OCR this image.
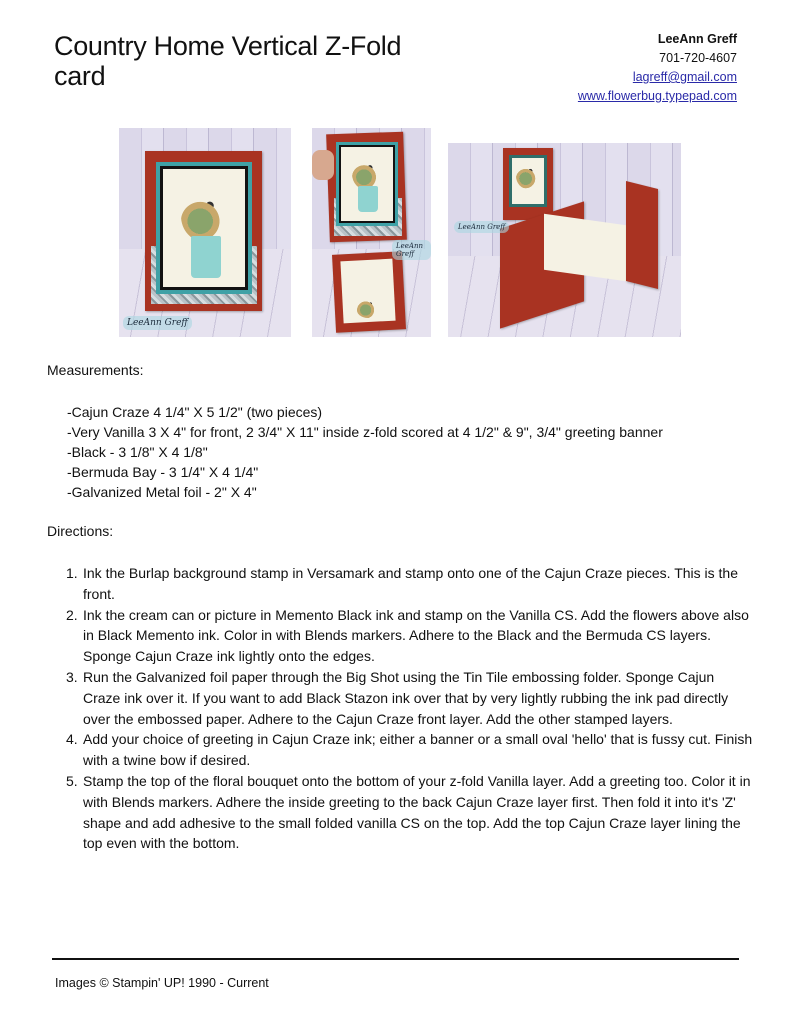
Country Home Vertical Z-Fold card
LeeAnn Greff
701-720-4607
lagreff@gmail.com
www.flowerbug.typepad.com
LeeAnn Greff
LeeAnn Greff
LeeAnn Greff
Measurements:
-Cajun Craze 4 1/4" X 5 1/2" (two pieces)
-Very Vanilla 3 X 4" for front, 2 3/4" X 11" inside z-fold scored at 4 1/2" & 9", 3/4" greeting banner
-Black - 3 1/8" X 4 1/8"
-Bermuda Bay - 3 1/4" X 4 1/4"
-Galvanized Metal foil - 2" X 4"
Directions:
1. Ink the Burlap background stamp in Versamark and stamp onto one of the Cajun Craze pieces. This is the front.
2. Ink the cream can or picture in Memento Black ink and stamp on the Vanilla CS. Add the flowers above also in Black Memento ink. Color in with Blends markers. Adhere to the Black and the Bermuda CS layers. Sponge Cajun Craze ink lightly onto the edges.
3. Run the Galvanized foil paper through the Big Shot using the Tin Tile embossing folder. Sponge Cajun Craze ink over it. If you want to add Black Stazon ink over that by very lightly rubbing the ink pad directly over the embossed paper. Adhere to the Cajun Craze front layer. Add the other stamped layers.
4. Add your choice of greeting in Cajun Craze ink; either a banner or a small oval 'hello' that is fussy cut. Finish with a twine bow if desired.
5. Stamp the top of the floral bouquet onto the bottom of your z-fold Vanilla layer. Add a greeting too. Color it in with Blends markers. Adhere the inside greeting to the back Cajun Craze layer first. Then fold it into it's 'Z' shape and add adhesive to the small folded vanilla CS on the top. Add the top Cajun Craze layer lining the top even with the bottom.
Images © Stampin' UP! 1990 - Current
